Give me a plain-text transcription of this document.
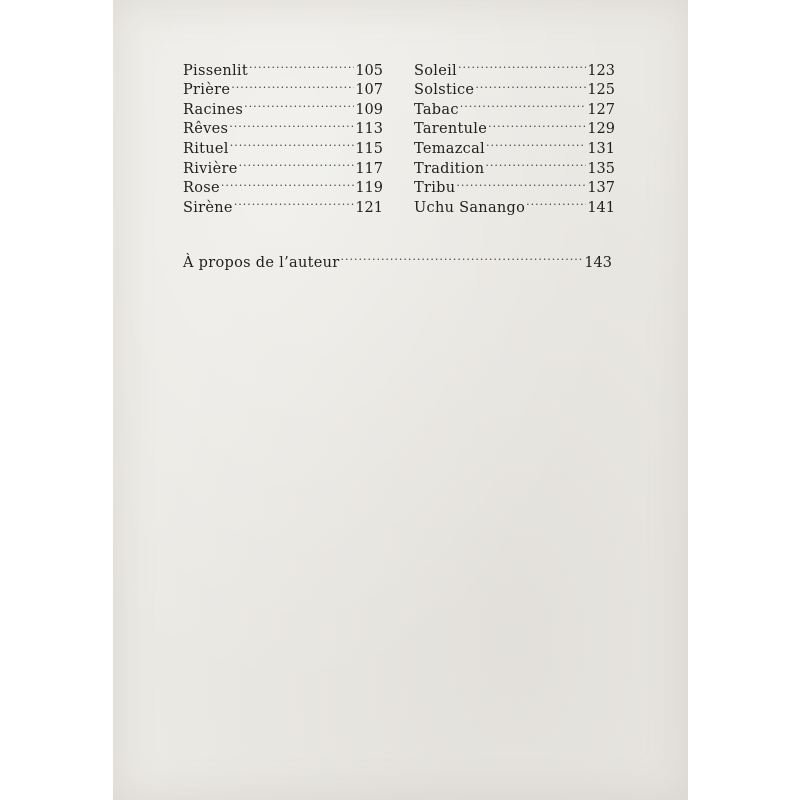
Pissenlit .....	105
Prière .....	107
Racines .....	109
Rêves .....	113
Rituel .....	115
Rivière .....	117
Rose .....	119
Sirène .....	121
Soleil .....	123
Solstice .....	125
Tabac .....	127
Tarentule .....	129
Temazcal .....	131
Tradition .....	135
Tribu .....	137
Uchu Sanango .....	141
À propos de l’auteur .....	143
